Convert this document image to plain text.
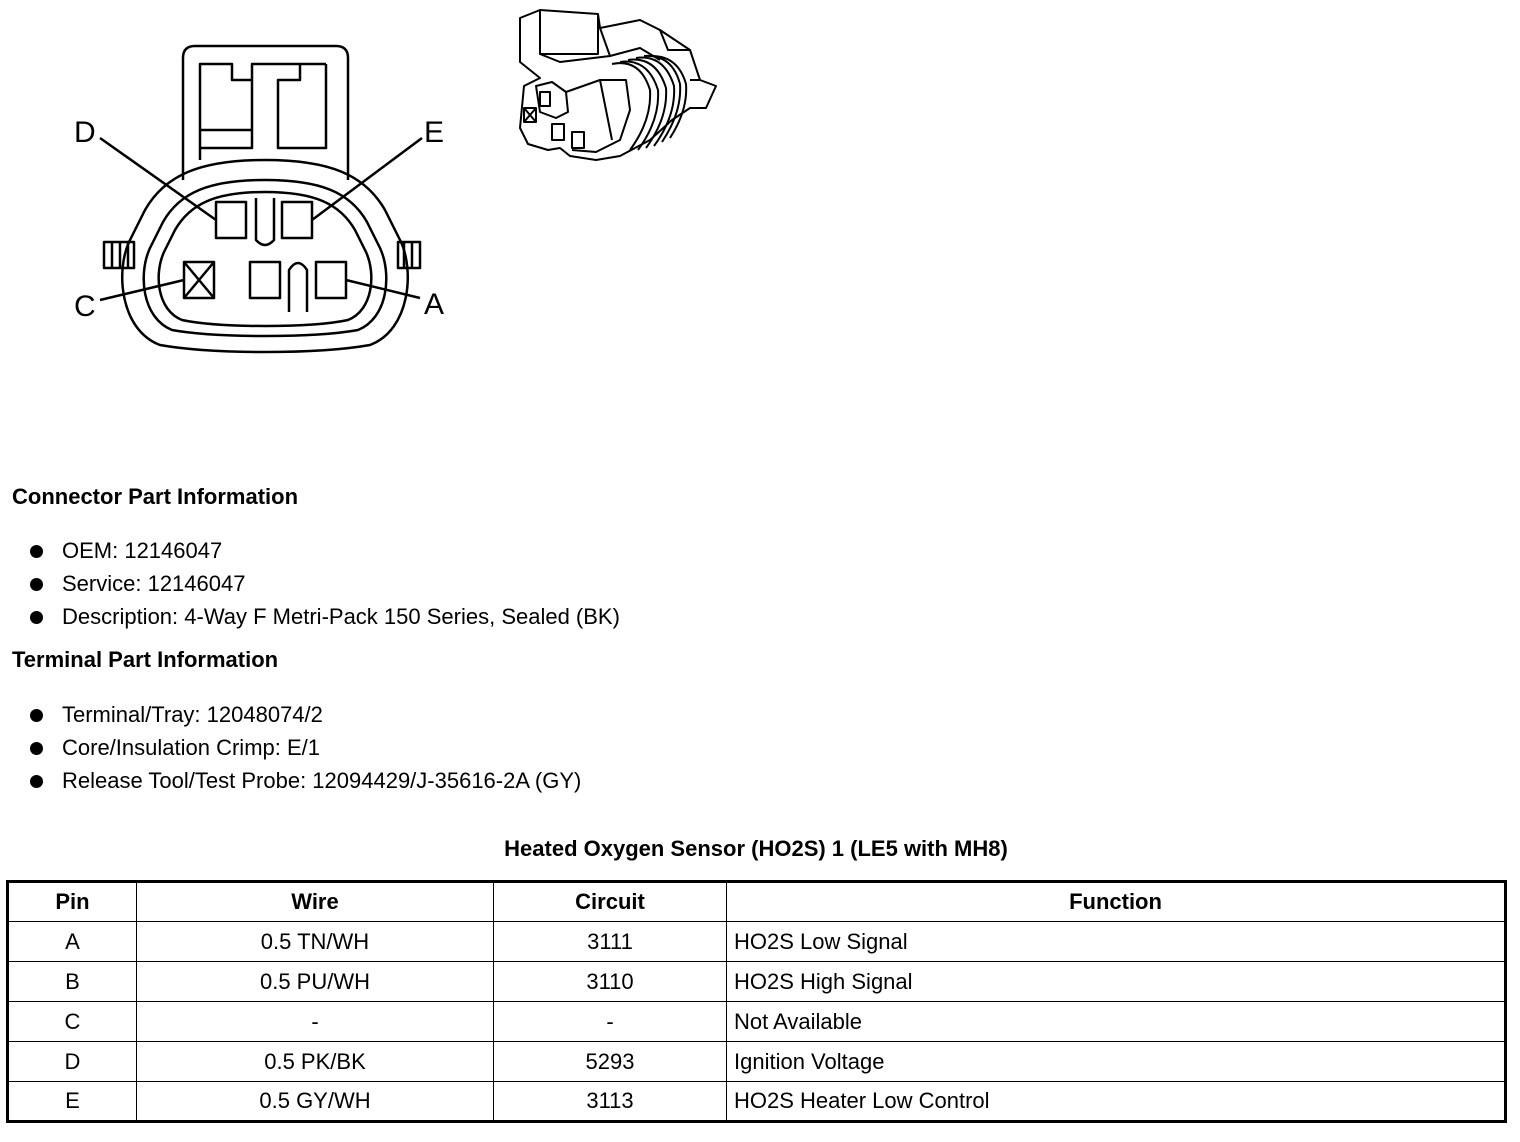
D	E
C	A
Connector Part Information
OEM: 12146047
Service: 12146047
Description: 4-Way F Metri-Pack 150 Series, Sealed (BK)
Terminal Part Information
Terminal/Tray: 12048074/2
Core/Insulation Crimp: E/1
Release Tool/Test Probe: 12094429/J-35616-2A (GY)
Heated Oxygen Sensor (HO2S) 1 (LE5 with MH8)
Pin	Wire	Circuit	Function
A	0.5 TN/WH	3111	HO2S Low Signal
B	0.5 PU/WH	3110	HO2S High Signal
C	-	-	Not Available
D	0.5 PK/BK	5293	Ignition Voltage
E	0.5 GY/WH	3113	HO2S Heater Low Control
